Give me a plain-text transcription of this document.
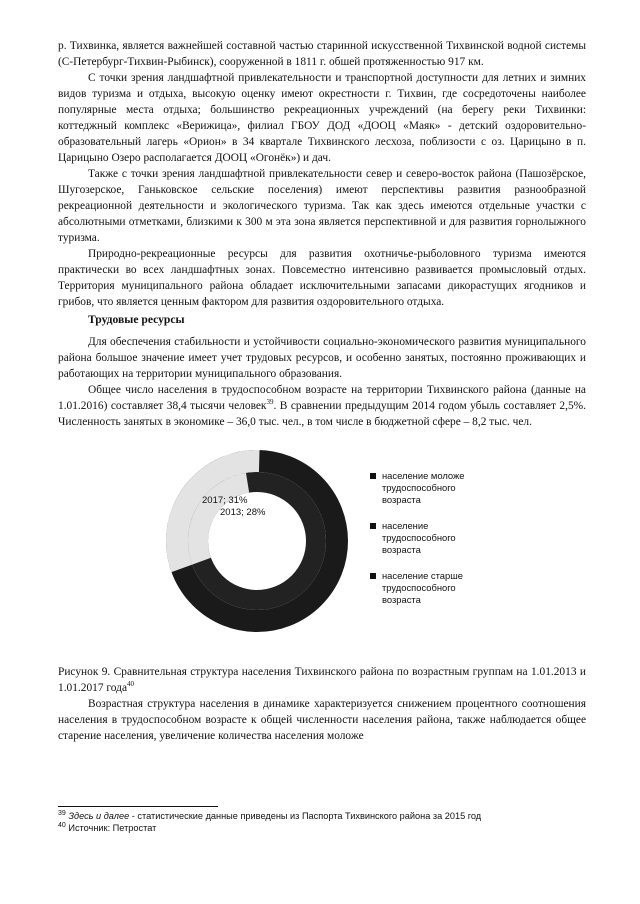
р. Тихвинка, является важнейшей составной частью старинной искусственной Тихвинской водной системы (С-Петербург-Тихвин-Рыбинск), сооруженной в 1811 г. обшей протяженностью 917 км.

С точки зрения ландшафтной привлекательности и транспортной доступности для летних и зимних видов туризма и отдыха, высокую оценку имеют окрестности г. Тихвин, где сосредоточены наиболее популярные места отдыха; большинство рекреационных учреждений (на берегу реки Тихвинки: коттеджный комплекс «Верижица», филиал ГБОУ ДОД «ДООЦ «Маяк» - детский оздоровительно-образовательный лагерь «Орион» в 34 квартале Тихвинского лесхоза, поблизости с оз. Царицыно в п. Царицыно Озеро располагается ДООЦ «Огонёк») и дач.

Также с точки зрения ландшафтной привлекательности север и северо-восток района (Пашозёрское, Шугозерское, Ганьковское сельские поселения) имеют перспективы развития разнообразной рекреационной деятельности и экологического туризма. Так как здесь имеются отдельные участки с абсолютными отметками, близкими к 300 м эта зона является перспективной и для развития горнолыжного туризма.

Природно-рекреационные ресурсы для развития охотничье-рыболовного туризма имеются практически во всех ландшафтных зонах. Повсеместно интенсивно развивается промысловый отдых. Территория муниципального района обладает исключительными запасами дикорастущих ягодников и грибов, что является ценным фактором для развития оздоровительного отдыха.

Трудовые ресурсы

Для обеспечения стабильности и устойчивости социально-экономического развития муниципального района большое значение имеет учет трудовых ресурсов, и особенно занятых, постоянно проживающих и работающих на территории муниципального образования.

Общее число населения в трудоспособном возрасте на территории Тихвинского района (данные на 1.01.2016) составляет 38,4 тысячи человек$^{39}$. В сравнении предыдущим 2014 годом убыль составляет 2,5%. Численность занятых в экономике – 36,0 тыс. чел., в том числе в бюджетной сфере – 8,2 тыс. чел.

2017; 31%
2013; 28%
население моложе трудоспособного возраста
население трудоспособного возраста
население старше трудоспособного возраста

Рисунок 9. Сравнительная структура населения Тихвинского района по возрастным группам на 1.01.2013 и 1.01.2017 года$^{40}$

Возрастная структура населения в динамике характеризуется снижением процентного соотношения населения в трудоспособном возрасте к общей численности населения района, также наблюдается общее старение населения, увеличение количества населения моложе

$^{39}$ Здесь и далее - статистические данные приведены из Паспорта Тихвинского района за 2015 год

$^{40}$ Источник: Петростат
